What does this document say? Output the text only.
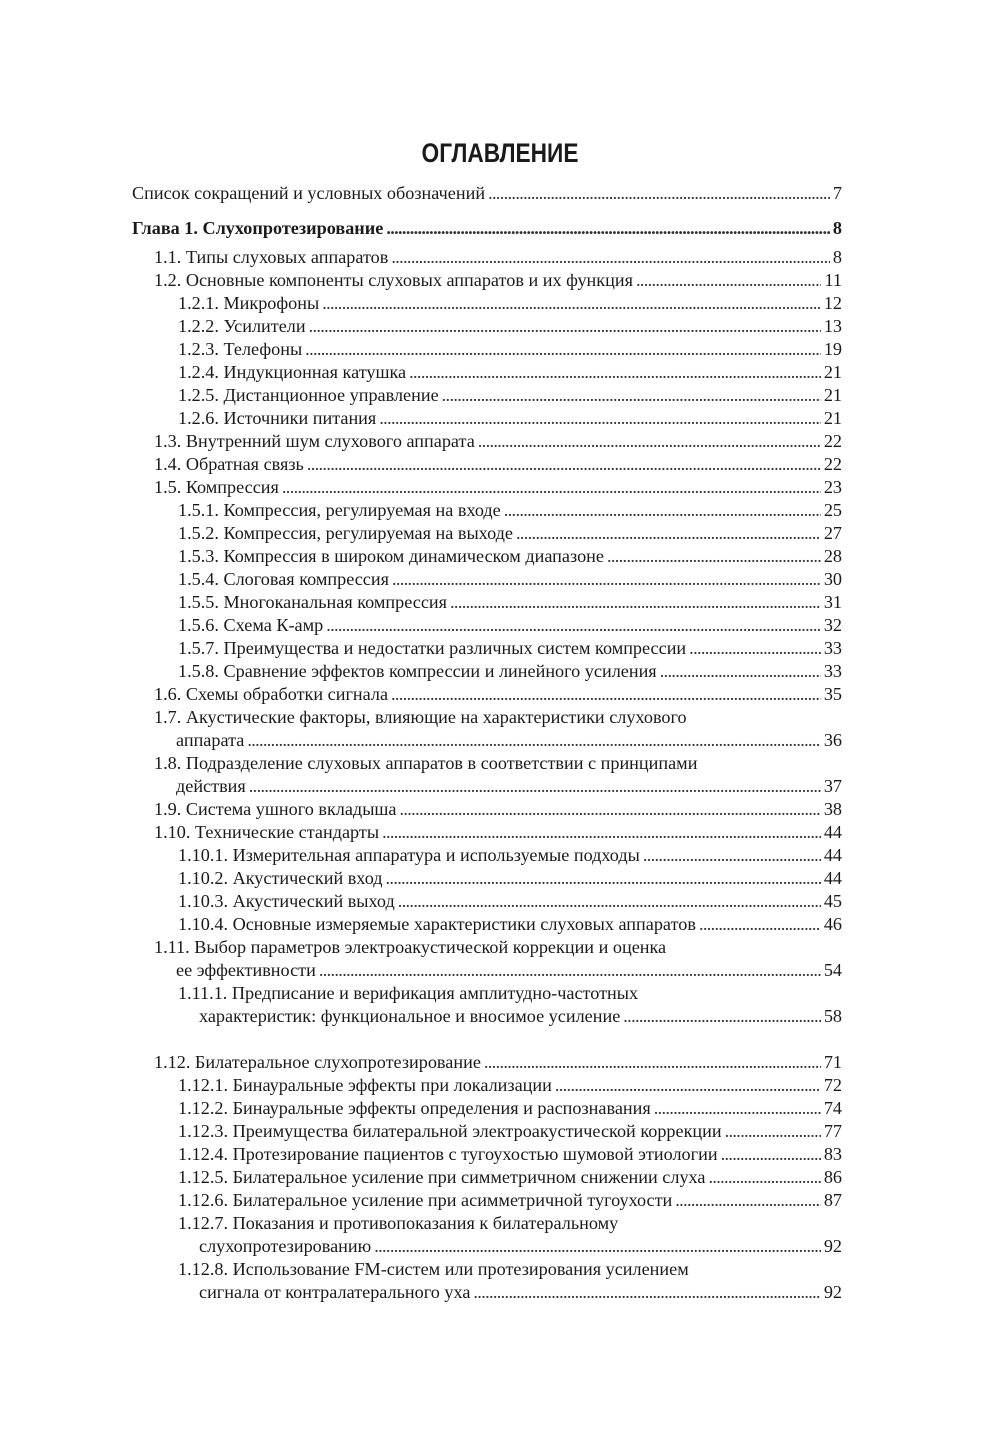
ОГЛАВЛЕНИЕ
Список сокращений и условных обозначений . . .	7
Глава 1. Слухопротезирование . . .	8
1.1. Типы слуховых аппаратов . . .	8
1.2. Основные компоненты слуховых аппаратов и их функция . . .	11
1.2.1. Микрофоны . . .	12
1.2.2. Усилители . . .	13
1.2.3. Телефоны . . .	19
1.2.4. Индукционная катушка . . .	21
1.2.5. Дистанционное управление . . .	21
1.2.6. Источники питания . . .	21
1.3. Внутренний шум слухового аппарата . . .	22
1.4. Обратная связь . . .	22
1.5. Компрессия . . .	23
1.5.1. Компрессия, регулируемая на входе . . .	25
1.5.2. Компрессия, регулируемая на выходе . . .	27
1.5.3. Компрессия в широком динамическом диапазоне . . .	28
1.5.4. Слоговая компрессия . . .	30
1.5.5. Многоканальная компрессия . . .	31
1.5.6. Схема К-амр . . .	32
1.5.7. Преимущества и недостатки различных систем компрессии . . .	33
1.5.8. Сравнение эффектов компрессии и линейного усиления . . .	33
1.6. Схемы обработки сигнала . . .	35
1.7. Акустические факторы, влияющие на характеристики слухового
аппарата . . .	36
1.8. Подразделение слуховых аппаратов в соответствии с принципами
действия . . .	37
1.9. Система ушного вкладыша . . .	38
1.10. Технические стандарты . . .	44
1.10.1. Измерительная аппаратура и используемые подходы . . .	44
1.10.2. Акустический вход . . .	44
1.10.3. Акустический выход . . .	45
1.10.4. Основные измеряемые характеристики слуховых аппаратов . . .	46
1.11. Выбор параметров электроакустической коррекции и оценка
ее эффективности . . .	54
1.11.1. Предписание и верификация амплитудно-частотных
характеристик: функциональное и вносимое усиление . . .	58
1.12. Билатеральное слухопротезирование . . .	71
1.12.1. Бинауральные эффекты при локализации . . .	72
1.12.2. Бинауральные эффекты определения и распознавания . . .	74
1.12.3. Преимущества билатеральной электроакустической коррекции . . .	77
1.12.4. Протезирование пациентов с тугоухостью шумовой этиологии . . .	83
1.12.5. Билатеральное усиление при симметричном снижении слуха . . .	86
1.12.6. Билатеральное усиление при асимметричной тугоухости . . .	87
1.12.7. Показания и противопоказания к билатеральному
слухопротезированию . . .	92
1.12.8. Использование FM-систем или протезирования усилением
сигнала от контралатерального уха . . .	92
